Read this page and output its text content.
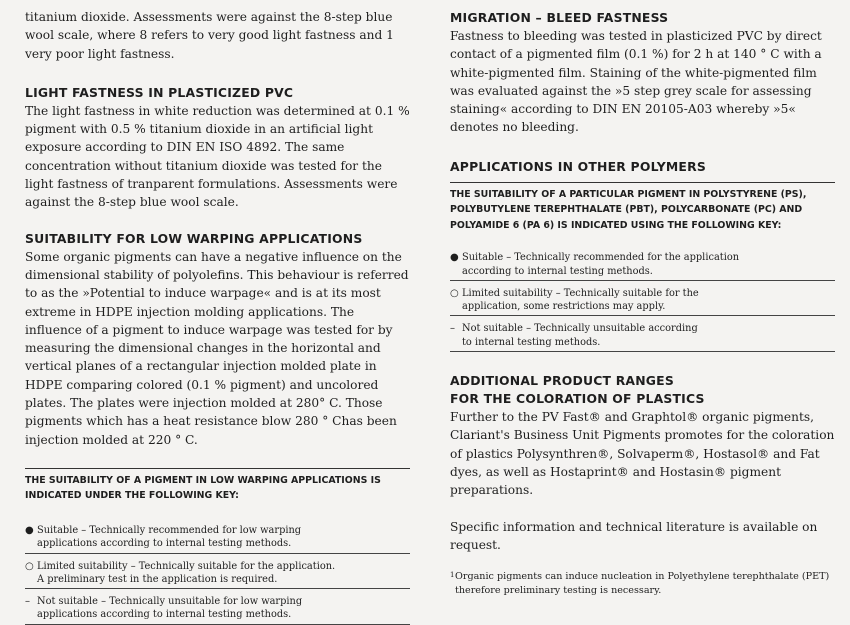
titanium dioxide. Assessments were against the 8-step blue wool scale, where 8 refers to very good light fastness and 1 very poor light fastness.

LIGHT FASTNESS IN PLASTICIZED PVC

The light fastness in white reduction was determined at 0.1 % pigment with 0.5 % titanium dioxide in an artificial light exposure according to DIN EN ISO 4892. The same concentration without titanium dioxide was tested for the light fastness of tranparent formulations. Assessments were against the 8-step blue wool scale.

SUITABILITY FOR LOW WARPING APPLICATIONS

Some organic pigments can have a negative influence on the dimensional stability of polyolefins. This behaviour is referred to as the »Potential to induce warpage« and is at its most extreme in HDPE injection molding applications. The influence of a pigment to induce warpage was tested for by measuring the dimensional changes in the horizontal and vertical planes of a rectangular injection molded plate in HDPE comparing colored (0.1 % pigment) and uncolored plates. The plates were injection molded at 280° C. Those pigments which has a heat resistance blow 280 ° Chas been injection molded at 220 ° C.

THE SUITABILITY OF A PIGMENT IN LOW WARPING APPLICATIONS IS INDICATED UNDER THE FOLLOWING KEY:

● Suitable – Technically recommended for low warping
applications according to internal testing methods.
○ Limited suitability – Technically suitable for the application.
A preliminary test in the application is required.
– Not suitable – Technically unsuitable for low warping
applications according to internal testing methods.
MIGRATION – BLEED FASTNESS

Fastness to bleeding was tested in plasticized PVC by direct contact of a pigmented film (0.1 %) for 2 h at 140 ° C with a white-pigmented film. Staining of the white-pigmented film was evaluated against the »5 step grey scale for assessing staining« according to DIN EN 20105-A03 whereby »5« denotes no bleeding.

APPLICATIONS IN OTHER POLYMERS

THE SUITABILITY OF A PARTICULAR PIGMENT IN POLYSTYRENE (PS), POLYBUTYLENE TEREPHTHALATE (PBT), POLYCARBONATE (PC) AND POLYAMIDE 6 (PA 6) IS INDICATED USING THE FOLLOWING KEY:

● Suitable – Technically recommended for the application
according to internal testing methods.
○ Limited suitability – Technically suitable for the
application, some restrictions may apply.
– Not suitable – Technically unsuitable according
to internal testing methods.
ADDITIONAL PRODUCT RANGES
FOR THE COLORATION OF PLASTICS

Further to the PV Fast® and Graphtol® organic pigments, Clariant's Business Unit Pigments promotes for the coloration of plastics Polysynthren®, Solvaperm®, Hostasol® and Fat dyes, as well as Hostaprint® and Hostasin® pigment preparations.

Specific information and technical literature is available on request.

1 Organic pigments can induce nucleation in Polyethylene terephthalate (PET)

therefore preliminary testing is necessary.
